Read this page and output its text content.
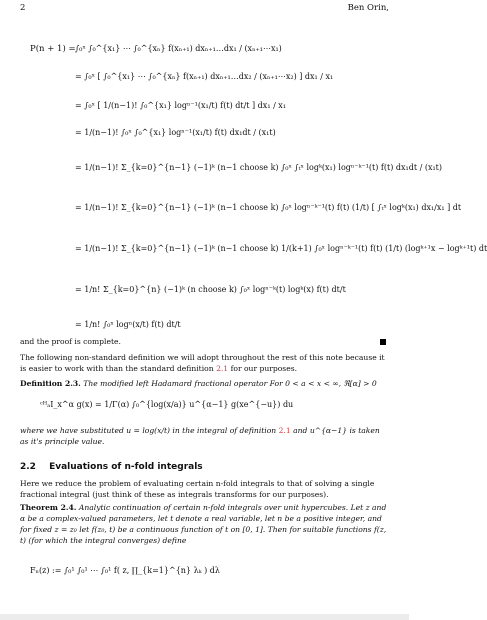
2	Ben Orin,
P(n + 1) = ∫₀ˣ ∫₀^{x₁} ⋯ ∫₀^{xₙ} f(xₙ₊₁) dxₙ₊₁…dx₁ / (xₙ₊₁⋯x₁)
= ∫₀ˣ [ ∫₀^{x₁} ⋯ ∫₀^{xₙ} f(xₙ₊₁) dxₙ₊₁…dx₂ / (xₙ₊₁⋯x₂) ] dx₁ / x₁
= ∫₀ˣ [ 1/(n−1)! ∫₀^{x₁} logⁿ⁻¹(x₁/t) f(t) dt/t ] dx₁ / x₁
= 1/(n−1)! ∫₀ˣ ∫₀^{x₁} logⁿ⁻¹(x₁/t) f(t) dx₁dt / (x₁t)
= 1/(n−1)! Σ_{k=0}^{n−1} (−1)ᵏ (n−1 choose k) ∫₀ˣ ∫ₜˣ logᵏ(x₁) logⁿ⁻ᵏ⁻¹(t) f(t) dx₁dt / (x₁t)
= 1/(n−1)! Σ_{k=0}^{n−1} (−1)ᵏ (n−1 choose k) ∫₀ˣ logⁿ⁻ᵏ⁻¹(t) f(t) (1/t) [ ∫ₜˣ logᵏ(x₁) dx₁/x₁ ] dt
= 1/(n−1)! Σ_{k=0}^{n−1} (−1)ᵏ (n−1 choose k) 1/(k+1) ∫₀ˣ logⁿ⁻ᵏ⁻¹(t) f(t) (1/t) (logᵏ⁺¹x − logᵏ⁺¹t) dt
= 1/n! Σ_{k=0}^{n} (−1)ᵏ (n choose k) ∫₀ˣ logⁿ⁻ᵏ(t) logᵏ(x) f(t) dt/t
= 1/n! ∫₀ˣ logⁿ(x/t) f(t) dt/t
and the proof is complete.
The following non-standard definition we will adopt throughout the rest of this note because it is easier to work with than the standard definition 2.1 for our purposes.
Definition 2.3. The modified left Hadamard fractional operator For 0 < a < x < ∞, ℜ[α] > 0
ᶜᴴₐI_x^α g(x) = 1/Γ(α) ∫₀^{log(x/a)} u^{α−1} g(xe^{−u}) du
where we have substituted u = log(x/t) in the integral of definition 2.1 and u^{α−1} is taken as it's principle value.
2.2 Evaluations of n-fold integrals
Here we reduce the problem of evaluating certain n-fold integrals to that of solving a single fractional integral (just think of these as integrals transforms for our purposes).
Theorem 2.4. Analytic continuation of certain n-fold integrals over unit hypercubes. Let z and α be a complex-valued parameters, let t denote a real variable, let n be a positive integer, and for fixed z = z₀ let f(z₀, t) be a continuous function of t on [0, 1]. Then for suitable functions f(z, t) (for which the integral converges) define
Fₙ(z) := ∫₀¹ ∫₀¹ ⋯ ∫₀¹ f( z, ∏_{k=1}^{n} λₖ ) dλ
